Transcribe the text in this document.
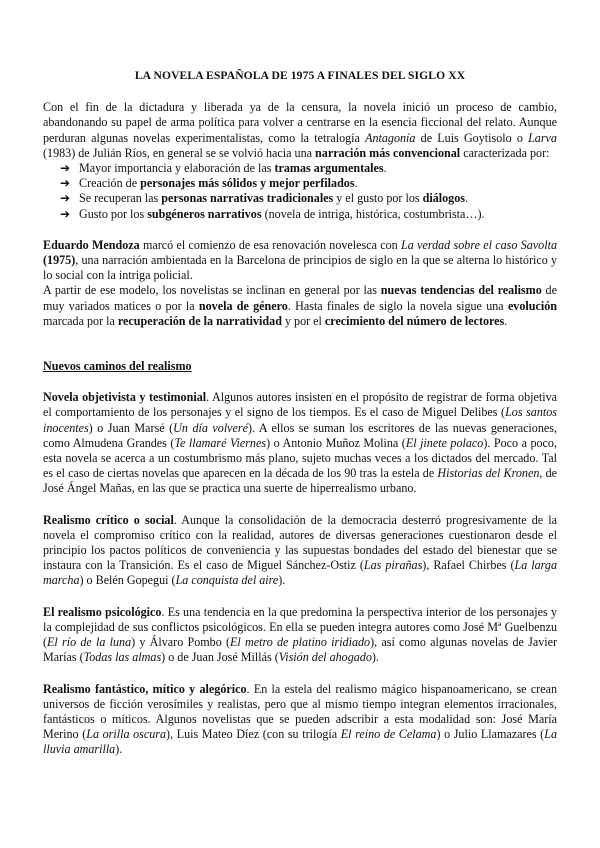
LA NOVELA ESPAÑOLA DE 1975 A FINALES DEL SIGLO XX

Con el fin de la dictadura y liberada ya de la censura, la novela inició un proceso de cambio, abandonando su papel de arma política para volver a centrarse en la esencia ficcional del relato. Aunque perduran algunas novelas experimentalistas, como la tetralogía Antagonía de Luis Goytisolo o Larva (1983) de Julián Ríos, en general se se volvió hacia una narración más convencional caracterizada por:

➔ Mayor importancia y elaboración de las tramas argumentales.
➔ Creación de personajes más sólidos y mejor perfilados.
➔ Se recuperan las personas narrativas tradicionales y el gusto por los diálogos.
➔ Gusto por los subgéneros narrativos (novela de intriga, histórica, costumbrista…).

Eduardo Mendoza marcó el comienzo de esa renovación novelesca con La verdad sobre el caso Savolta (1975), una narración ambientada en la Barcelona de principios de siglo en la que se alterna lo histórico y lo social con la intriga policial.

A partir de ese modelo, los novelistas se inclinan en general por las nuevas tendencias del realismo de muy variados matices o por la novela de género. Hasta finales de siglo la novela sigue una evolución marcada por la recuperación de la narratividad y por el crecimiento del número de lectores.

Nuevos caminos del realismo

Novela objetivista y testimonial. Algunos autores insisten en el propósito de registrar de forma objetiva el comportamiento de los personajes y el signo de los tiempos. Es el caso de Miguel Delibes (Los santos inocentes) o Juan Marsé (Un día volveré). A ellos se suman los escritores de las nuevas generaciones, como Almudena Grandes (Te llamaré Viernes) o Antonio Muñoz Molina (El jinete polaco). Poco a poco, esta novela se acerca a un costumbrismo más plano, sujeto muchas veces a los dictados del mercado. Tal es el caso de ciertas novelas que aparecen en la década de los 90 tras la estela de Historias del Kronen, de José Ángel Mañas, en las que se practica una suerte de hiperrealismo urbano.

Realismo crítico o social. Aunque la consolidación de la democracia desterró progresivamente de la novela el compromiso crítico con la realidad, autores de diversas generaciones cuestionaron desde el principio los pactos políticos de conveniencia y las supuestas bondades del estado del bienestar que se instaura con la Transición. Es el caso de Miguel Sánchez-Ostiz (Las pirañas), Rafael Chirbes (La larga marcha) o Belén Gopegui (La conquista del aire).

El realismo psicológico. Es una tendencia en la que predomina la perspectiva interior de los personajes y la complejidad de sus conflictos psicológicos. En ella se pueden integra autores como José Mª Guelbenzu (El río de la luna) y Álvaro Pombo (El metro de platino iridiado), así como algunas novelas de Javier Marías (Todas las almas) o de Juan José Millás (Visión del ahogado).

Realismo fantástico, mítico y alegórico. En la estela del realismo mágico hispanoamericano, se crean universos de ficción verosímiles y realistas, pero que al mismo tiempo integran elementos irracionales, fantásticos o míticos. Algunos novelistas que se pueden adscribir a esta modalidad son: José María Merino (La orilla oscura), Luis Mateo Díez (con su trilogía El reino de Celama) o Julio Llamazares (La lluvia amarilla).
